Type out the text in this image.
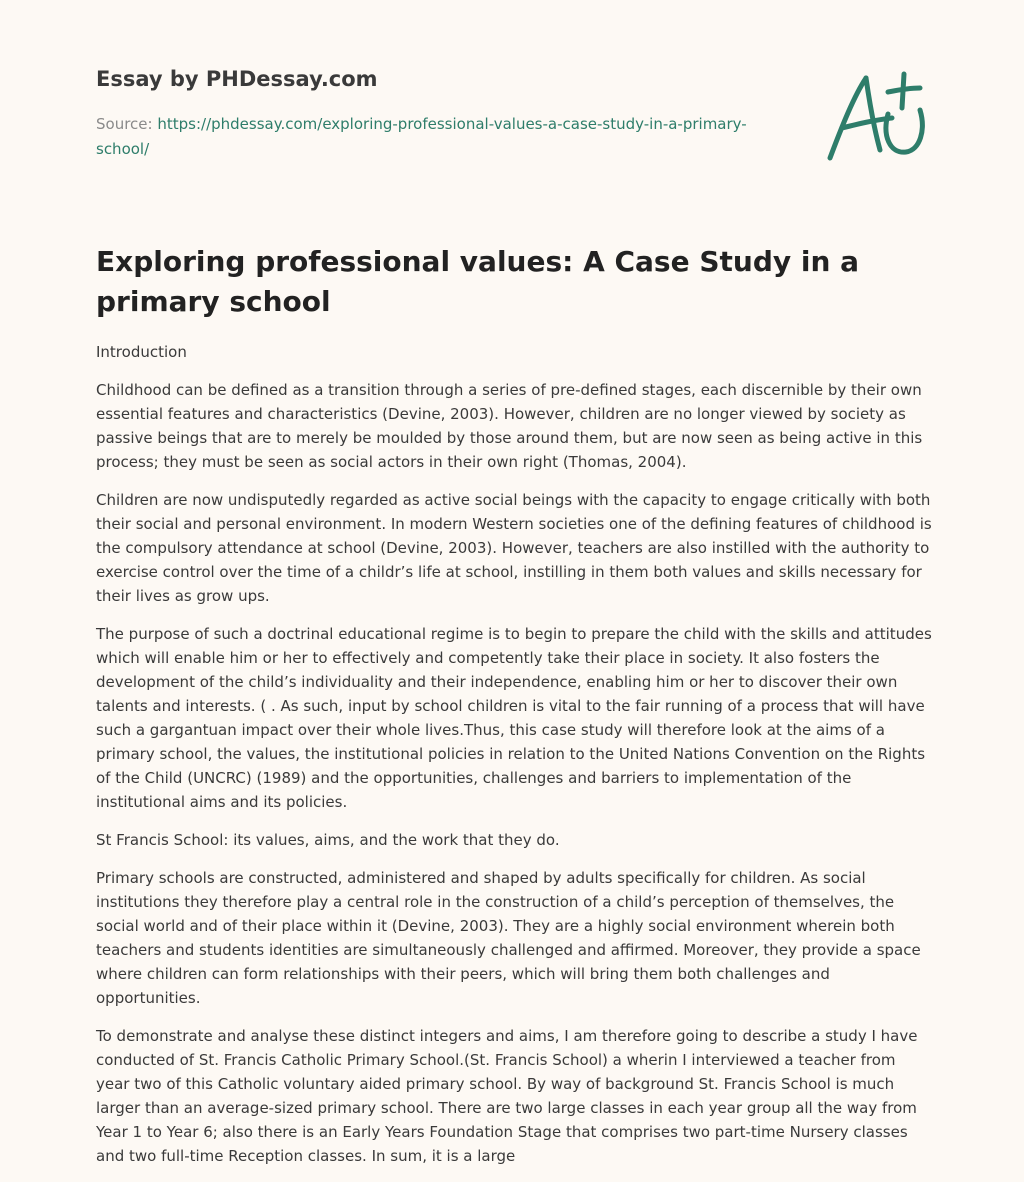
Essay by PHDessay.com
Source: https://phdessay.com/exploring-professional-values-a-case-study-in-a-primary-school/
Exploring professional values: A Case Study in a primary school

Introduction

Childhood can be defined as a transition through a series of pre-defined stages, each discernible by their own essential features and characteristics (Devine, 2003). However, children are no longer viewed by society as passive beings that are to merely be moulded by those around them, but are now seen as being active in this process; they must be seen as social actors in their own right (Thomas, 2004).

Children are now undisputedly regarded as active social beings with the capacity to engage critically with both their social and personal environment. In modern Western societies one of the defining features of childhood is the compulsory attendance at school (Devine, 2003). However, teachers are also instilled with the authority to exercise control over the time of a childr’s life at school, instilling in them both values and skills necessary for their lives as grow ups.

The purpose of such a doctrinal educational regime is to begin to prepare the child with the skills and attitudes which will enable him or her to effectively and competently take their place in society. It also fosters the development of the child’s individuality and their independence, enabling him or her to discover their own talents and interests. ( . As such, input by school children is vital to the fair running of a process that will have such a gargantuan impact over their whole lives.Thus, this case study will therefore look at the aims of a primary school, the values, the institutional policies in relation to the United Nations Convention on the Rights of the Child (UNCRC) (1989) and the opportunities, challenges and barriers to implementation of the institutional aims and its policies.

St Francis School: its values, aims, and the work that they do.

Primary schools are constructed, administered and shaped by adults specifically for children. As social institutions they therefore play a central role in the construction of a child’s perception of themselves, the social world and of their place within it (Devine, 2003). They are a highly social environment wherein both teachers and students identities are simultaneously challenged and affirmed. Moreover, they provide a space where children can form relationships with their peers, which will bring them both challenges and opportunities.

To demonstrate and analyse these distinct integers and aims, I am therefore going to describe a study I have conducted of St. Francis Catholic Primary School.(St. Francis School) a wherin I interviewed a teacher from year two of this Catholic voluntary aided primary school. By way of background St. Francis School is much larger than an average-sized primary school. There are two large classes in each year group all the way from Year 1 to Year 6; also there is an Early Years Foundation Stage that comprises two part-time Nursery classes and two full-time Reception classes. In sum, it is a large
